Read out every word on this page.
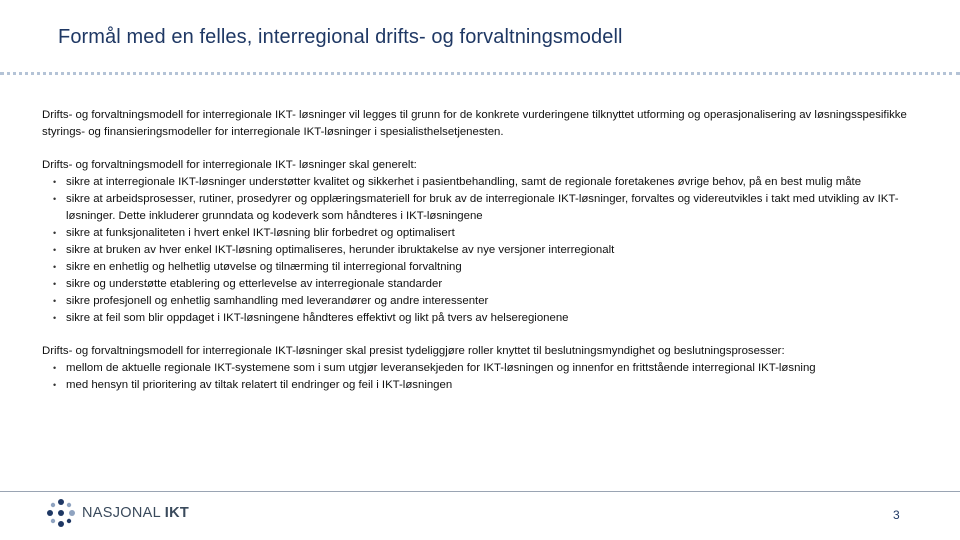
Formål med en felles, interregional drifts- og forvaltningsmodell

Drifts- og forvaltningsmodell for interregionale IKT- løsninger vil legges til grunn for de konkrete vurderingene tilknyttet utforming og operasjonalisering av løsningsspesifikke styrings- og finansieringsmodeller for interregionale IKT-løsninger i spesialisthelsetjenesten.

Drifts- og forvaltningsmodell for interregionale IKT- løsninger skal generelt:
• sikre at interregionale IKT-løsninger understøtter kvalitet og sikkerhet i pasientbehandling, samt de regionale foretakenes øvrige behov, på en best mulig måte
• sikre at arbeidsprosesser, rutiner, prosedyrer og opplæringsmateriell for bruk av de interregionale IKT-løsninger, forvaltes og videreutvikles i takt med utvikling av IKT-løsninger. Dette inkluderer grunndata og kodeverk som håndteres i IKT-løsningene
• sikre at funksjonaliteten i hvert enkel IKT-løsning blir forbedret og optimalisert
• sikre at bruken av hver enkel IKT-løsning optimaliseres, herunder ibruktakelse av nye versjoner interregionalt
• sikre en enhetlig og helhetlig utøvelse og tilnærming til interregional forvaltning
• sikre og understøtte etablering og etterlevelse av interregionale standarder
• sikre profesjonell og enhetlig samhandling med leverandører og andre interessenter
• sikre at feil som blir oppdaget i IKT-løsningene håndteres effektivt og likt på tvers av helseregionene
Drifts- og forvaltningsmodell for interregionale IKT-løsninger skal presist tydeliggjøre roller knyttet til beslutningsmyndighet og beslutningsprosesser:
• mellom de aktuelle regionale IKT-systemene som i sum utgjør leveransekjeden for IKT-løsningen og innenfor en frittstående interregional IKT-løsning
• med hensyn til prioritering av tiltak relatert til endringer og feil i IKT-løsningen
NASJONAL IKT	3
